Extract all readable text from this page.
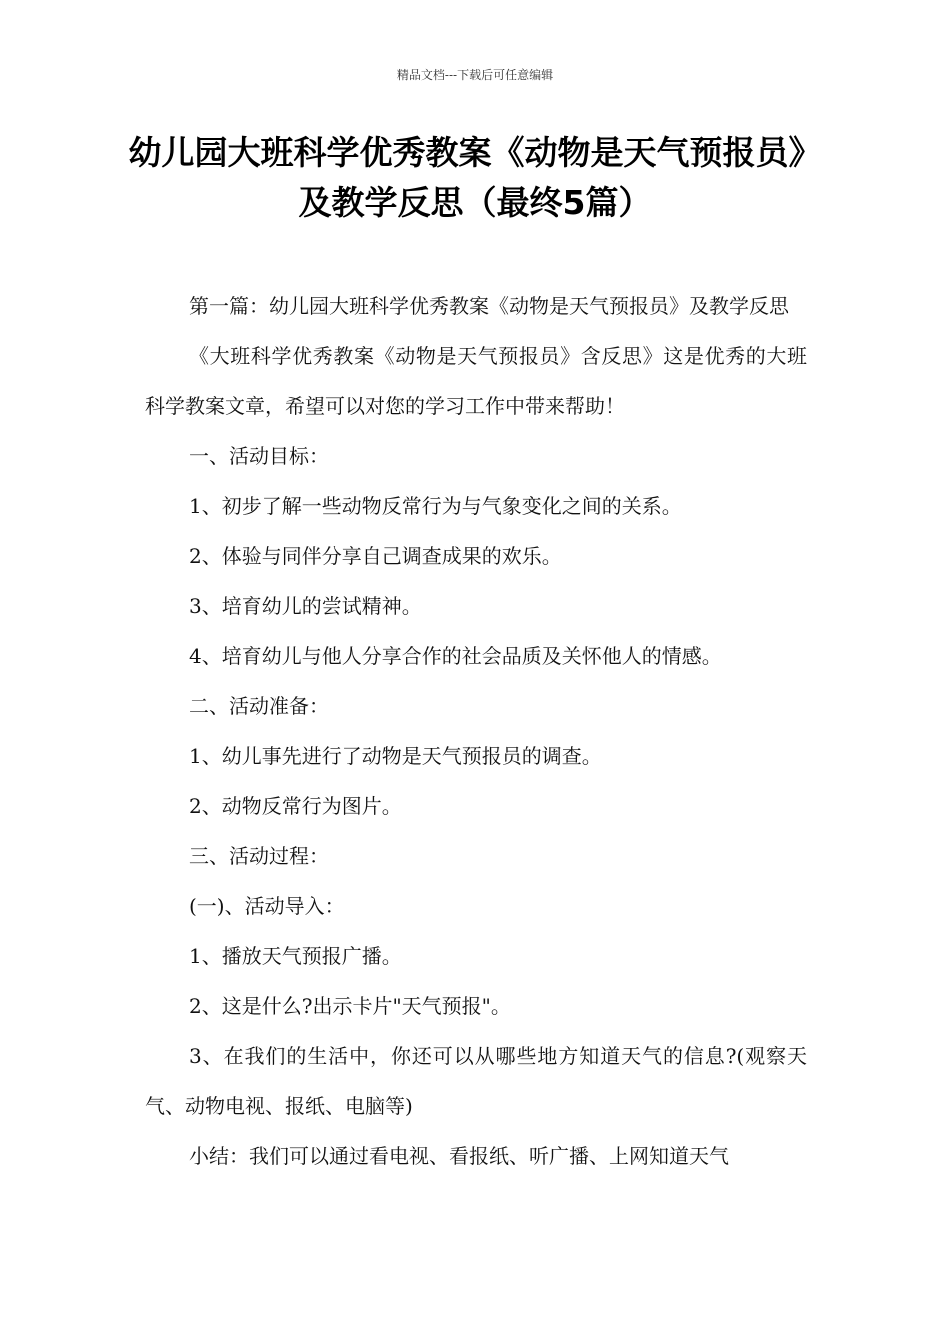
精品文档---下载后可任意编辑
幼儿园大班科学优秀教案《动物是天气预报员》及教学反思（最终5篇）

第一篇：幼儿园大班科学优秀教案《动物是天气预报员》及教学反思

《大班科学优秀教案《动物是天气预报员》含反思》这是优秀的大班科学教案文章，希望可以对您的学习工作中带来帮助！

一、活动目标：

1、初步了解一些动物反常行为与气象变化之间的关系。

2、体验与同伴分享自己调查成果的欢乐。

3、培育幼儿的尝试精神。

4、培育幼儿与他人分享合作的社会品质及关怀他人的情感。

二、活动准备：

1、幼儿事先进行了动物是天气预报员的调查。

2、动物反常行为图片。

三、活动过程：

(一)、活动导入：

1、播放天气预报广播。

2、这是什么?出示卡片"天气预报"。

3、在我们的生活中，你还可以从哪些地方知道天气的信息?(观察天气、动物电视、报纸、电脑等)

小结：我们可以通过看电视、看报纸、听广播、上网知道天气
